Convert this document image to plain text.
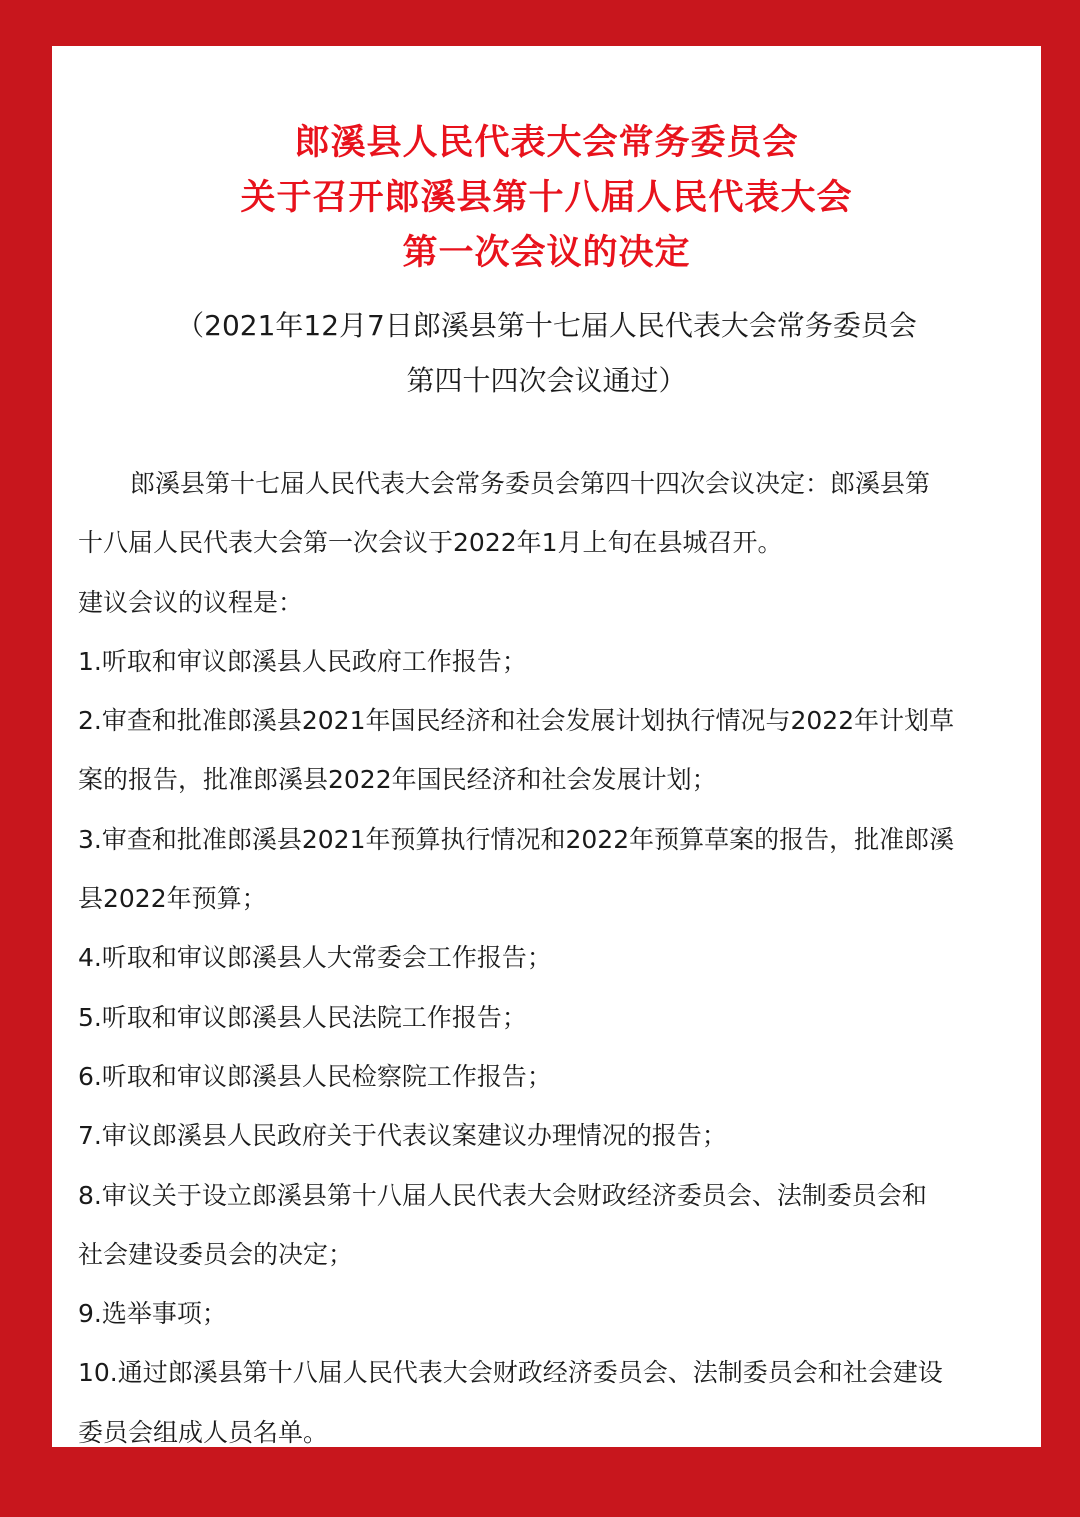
郎溪县人民代表大会常务委员会
关于召开郎溪县第十八届人民代表大会
第一次会议的决定
（2021年12月7日郎溪县第十七届人民代表大会常务委员会
第四十四次会议通过）
郎溪县第十七届人民代表大会常务委员会第四十四次会议决定：郎溪县第
十八届人民代表大会第一次会议于2022年1月上旬在县城召开。
建议会议的议程是：
1.听取和审议郎溪县人民政府工作报告；
2.审查和批准郎溪县2021年国民经济和社会发展计划执行情况与2022年计划草
案的报告，批准郎溪县2022年国民经济和社会发展计划；
3.审查和批准郎溪县2021年预算执行情况和2022年预算草案的报告，批准郎溪
县2022年预算；
4.听取和审议郎溪县人大常委会工作报告；
5.听取和审议郎溪县人民法院工作报告；
6.听取和审议郎溪县人民检察院工作报告；
7.审议郎溪县人民政府关于代表议案建议办理情况的报告；
8.审议关于设立郎溪县第十八届人民代表大会财政经济委员会、法制委员会和
社会建设委员会的决定；
9.选举事项；
10.通过郎溪县第十八届人民代表大会财政经济委员会、法制委员会和社会建设
委员会组成人员名单。
